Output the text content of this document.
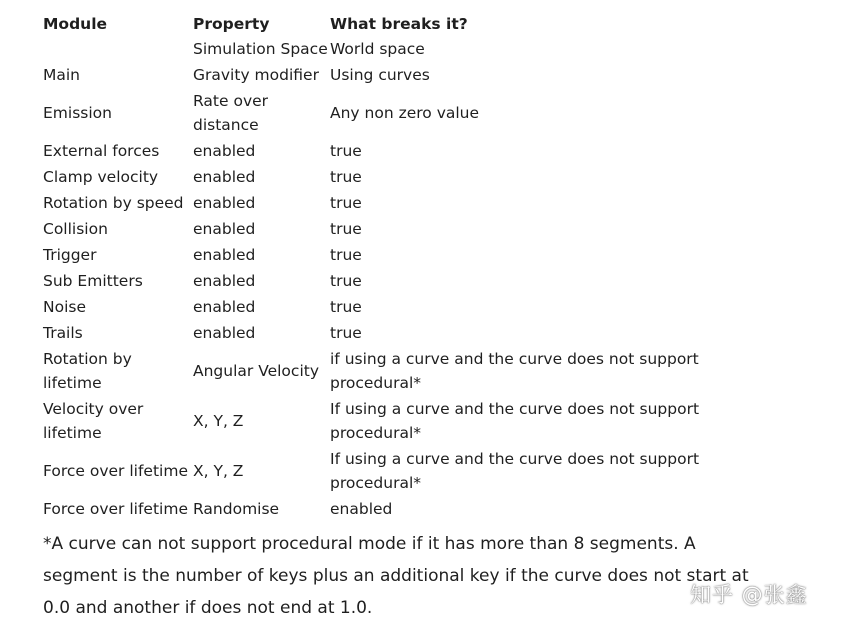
Module	Property	What breaks it?
	Simulation Space	World space
Main	Gravity modifier	Using curves
Emission	Rate over distance	Any non zero value
External forces	enabled	true
Clamp velocity	enabled	true
Rotation by speed	enabled	true
Collision	enabled	true
Trigger	enabled	true
Sub Emitters	enabled	true
Noise	enabled	true
Trails	enabled	true
Rotation by lifetime	Angular Velocity	if using a curve and the curve does not support procedural*
Velocity over lifetime	X, Y, Z	If using a curve and the curve does not support procedural*
Force over lifetime	X, Y, Z	If using a curve and the curve does not support procedural*
Force over lifetime	Randomise	enabled

*A curve can not support procedural mode if it has more than 8 segments. A segment is the number of keys plus an additional key if the curve does not start at 0.0 and another if does not end at 1.0.

知乎 @张鑫
